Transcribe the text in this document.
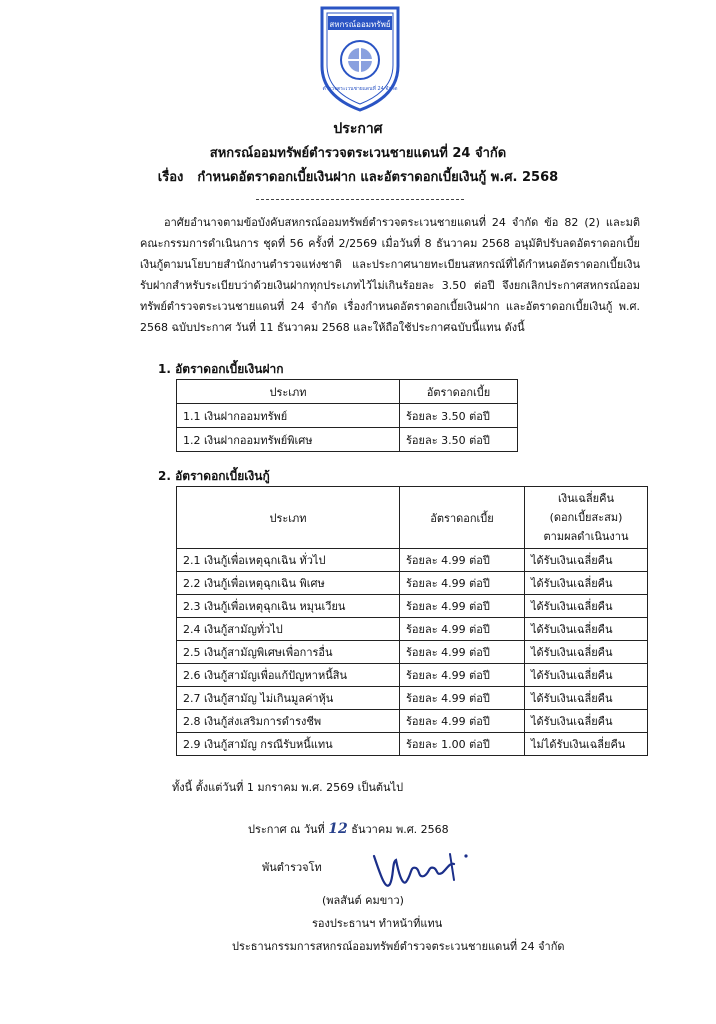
สหกรณ์ออมทรัพย์
ตำรวจตระเวนชายแดนที่ 24 จำกัด
ประกาศ
สหกรณ์ออมทรัพย์ตำรวจตระเวนชายแดนที่ 24 จำกัด
เรื่อง กำหนดอัตราดอกเบี้ยเงินฝาก และอัตราดอกเบี้ยเงินกู้ พ.ศ. 2568

อาศัยอำนาจตามข้อบังคับสหกรณ์ออมทรัพย์ตำรวจตระเวนชายแดนที่ 24 จำกัด ข้อ 82 (2) และมติคณะกรรมการดำเนินการ ชุดที่ 56 ครั้งที่ 2/2569 เมื่อวันที่ 8 ธันวาคม 2568 อนุมัติปรับลดอัตราดอกเบี้ยเงินกู้ตามนโยบายสำนักงานตำรวจแห่งชาติ และประกาศนายทะเบียนสหกรณ์ที่ได้กำหนดอัตราดอกเบี้ยเงินรับฝากสำหรับระเบียบว่าด้วยเงินฝากทุกประเภทไว้ไม่เกินร้อยละ 3.50 ต่อปี จึงยกเลิกประกาศสหกรณ์ออมทรัพย์ตำรวจตระเวนชายแดนที่ 24 จำกัด เรื่องกำหนดอัตราดอกเบี้ยเงินฝาก และอัตราดอกเบี้ยเงินกู้ พ.ศ. 2568 ฉบับประกาศ วันที่ 11 ธันวาคม 2568 และให้ถือใช้ประกาศฉบับนี้แทน ดังนี้

1. อัตราดอกเบี้ยเงินฝาก
ประเภท	อัตราดอกเบี้ย
1.1 เงินฝากออมทรัพย์	ร้อยละ 3.50 ต่อปี
1.2 เงินฝากออมทรัพย์พิเศษ	ร้อยละ 3.50 ต่อปี
2. อัตราดอกเบี้ยเงินกู้
ประเภท	อัตราดอกเบี้ย	เงินเฉลี่ยคืน
(ดอกเบี้ยสะสม)
ตามผลดำเนินงาน

2.1 เงินกู้เพื่อเหตุฉุกเฉิน ทั่วไป	ร้อยละ 4.99 ต่อปี	ได้รับเงินเฉลี่ยคืน
2.2 เงินกู้เพื่อเหตุฉุกเฉิน พิเศษ	ร้อยละ 4.99 ต่อปี	ได้รับเงินเฉลี่ยคืน
2.3 เงินกู้เพื่อเหตุฉุกเฉิน หมุนเวียน	ร้อยละ 4.99 ต่อปี	ได้รับเงินเฉลี่ยคืน
2.4 เงินกู้สามัญทั่วไป	ร้อยละ 4.99 ต่อปี	ได้รับเงินเฉลี่ยคืน
2.5 เงินกู้สามัญพิเศษเพื่อการอื่น	ร้อยละ 4.99 ต่อปี	ได้รับเงินเฉลี่ยคืน
2.6 เงินกู้สามัญเพื่อแก้ปัญหาหนี้สิน	ร้อยละ 4.99 ต่อปี	ได้รับเงินเฉลี่ยคืน
2.7 เงินกู้สามัญ ไม่เกินมูลค่าหุ้น	ร้อยละ 4.99 ต่อปี	ได้รับเงินเฉลี่ยคืน
2.8 เงินกู้ส่งเสริมการดำรงชีพ	ร้อยละ 4.99 ต่อปี	ได้รับเงินเฉลี่ยคืน
2.9 เงินกู้สามัญ กรณีรับหนี้แทน	ร้อยละ 1.00 ต่อปี	ไม่ได้รับเงินเฉลี่ยคืน
ทั้งนี้ ตั้งแต่วันที่ 1 มกราคม พ.ศ. 2569 เป็นต้นไป
ประกาศ ณ วันที่ 12 ธันวาคม พ.ศ. 2568
พันตำรวจโท
(พลสันต์ คมขาว)
รองประธานฯ ทำหน้าที่แทน
ประธานกรรมการสหกรณ์ออมทรัพย์ตำรวจตระเวนชายแดนที่ 24 จำกัด
